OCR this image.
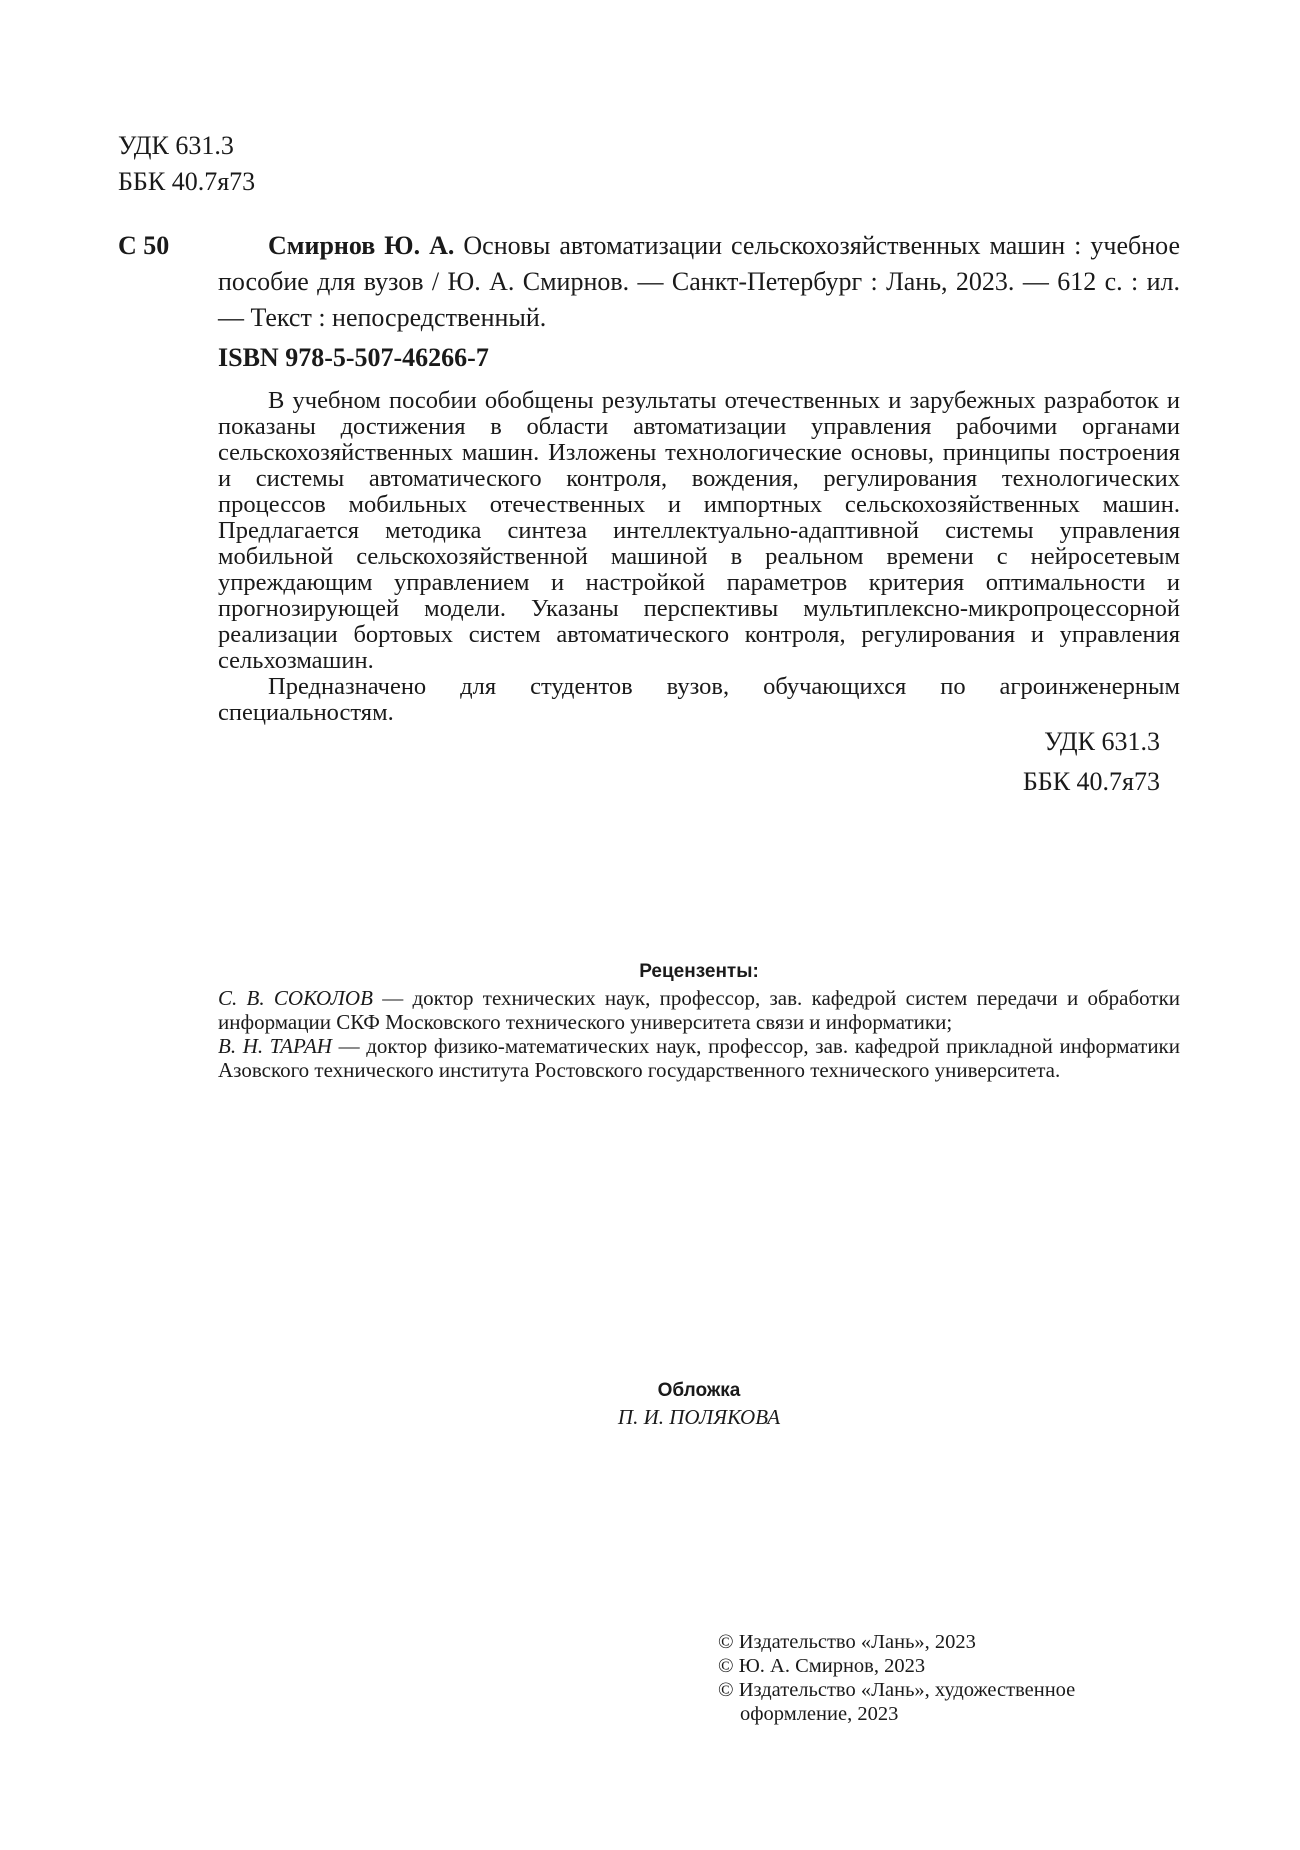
УДК 631.3
ББК 40.7я73
С 50	Смирнов Ю. А. Основы автоматизации сельскохозяйственных машин : учебное пособие для вузов / Ю. А. Смирнов. — Санкт-Петербург : Лань, 2023. — 612 с. : ил. — Текст : непосредственный.
ISBN 978-5-507-46266-7

В учебном пособии обобщены результаты отечественных и зарубежных разработок и показаны достижения в области автоматизации управления рабочими органами сельскохозяйственных машин. Изложены технологические основы, принципы построения и системы автоматического контроля, вождения, регулирования технологических процессов мобильных отечественных и импортных сельскохозяйственных машин. Предлагается методика синтеза интеллектуально-адаптивной системы управления мобильной сельскохозяйственной машиной в реальном времени с нейросетевым упреждающим управлением и настройкой параметров критерия оптимальности и прогнозирующей модели. Указаны перспективы мультиплексно-микропроцессорной реализации бортовых систем автоматического контроля, регулирования и управления сельхозмашин.

Предназначено для студентов вузов, обучающихся по агроинженерным специальностям.

УДК 631.3
ББК 40.7я73
Рецензенты:

С. В. СОКОЛОВ — доктор технических наук, профессор, зав. кафедрой систем передачи и обработки информации СКФ Московского технического университета связи и информатики;

В. Н. ТАРАН — доктор физико-математических наук, профессор, зав. кафедрой прикладной информатики Азовского технического института Ростовского государственного технического университета.

Обложка
П. И. ПОЛЯКОВА
© Издательство «Лань», 2023
© Ю. А. Смирнов, 2023
© Издательство «Лань», художественное оформление, 2023
